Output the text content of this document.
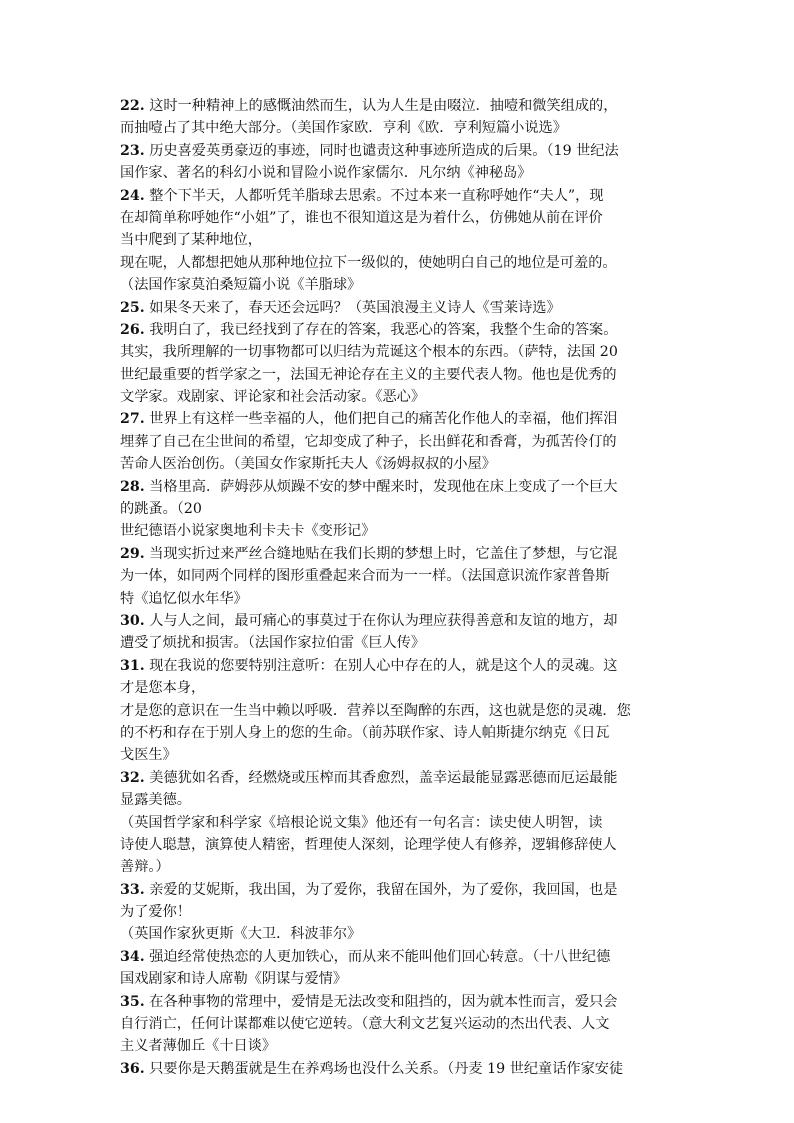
22. 这时一种精神上的感慨油然而生，认为人生是由啜泣．抽噎和微笑组成的，
而抽噎占了其中绝大部分。（美国作家欧．亨利《欧．亨利短篇小说选》
23. 历史喜爱英勇豪迈的事迹，同时也谴责这种事迹所造成的后果。（19 世纪法
国作家、著名的科幻小说和冒险小说作家儒尔．凡尔纳《神秘岛》
24. 整个下半天，人都听凭羊脂球去思索。不过本来一直称呼她作“夫人”，现
在却简单称呼她作“小姐”了，谁也不很知道这是为着什么，仿佛她从前在评价
当中爬到了某种地位，
现在呢，人都想把她从那种地位拉下一级似的，使她明白自己的地位是可羞的。
（法国作家莫泊桑短篇小说《羊脂球》
25. 如果冬天来了，春天还会远吗？（英国浪漫主义诗人《雪莱诗选》
26. 我明白了，我已经找到了存在的答案，我恶心的答案，我整个生命的答案。
其实，我所理解的一切事物都可以归结为荒诞这个根本的东西。（萨特，法国 20
世纪最重要的哲学家之一，法国无神论存在主义的主要代表人物。他也是优秀的
文学家。戏剧家、评论家和社会活动家。《恶心》
27. 世界上有这样一些幸福的人，他们把自己的痛苦化作他人的幸福，他们挥泪
埋葬了自己在尘世间的希望，它却变成了种子，长出鲜花和香膏，为孤苦伶仃的
苦命人医治创伤。（美国女作家斯托夫人《汤姆叔叔的小屋》
28. 当格里高．萨姆莎从烦躁不安的梦中醒来时，发现他在床上变成了一个巨大
的跳蚤。（20
世纪德语小说家奥地利卡夫卡《变形记》
29. 当现实折过来严丝合缝地贴在我们长期的梦想上时，它盖住了梦想，与它混
为一体，如同两个同样的图形重叠起来合而为一一样。（法国意识流作家普鲁斯
特《追忆似水年华》
30. 人与人之间，最可痛心的事莫过于在你认为理应获得善意和友谊的地方，却
遭受了烦扰和损害。（法国作家拉伯雷《巨人传》
31. 现在我说的您要特别注意听：在别人心中存在的人，就是这个人的灵魂。这
才是您本身，
才是您的意识在一生当中赖以呼吸．营养以至陶醉的东西，这也就是您的灵魂．您
的不朽和存在于别人身上的您的生命。（前苏联作家、诗人帕斯捷尔纳克《日瓦
戈医生》
32. 美德犹如名香，经燃烧或压榨而其香愈烈，盖幸运最能显露恶德而厄运最能
显露美德。
（英国哲学家和科学家《培根论说文集》他还有一句名言：读史使人明智，读
诗使人聪慧，演算使人精密，哲理使人深刻，论理学使人有修养，逻辑修辞使人
善辩。）
33. 亲爱的艾妮斯，我出国，为了爱你，我留在国外，为了爱你，我回国，也是
为了爱你！
（英国作家狄更斯《大卫．科波菲尔》
34. 强迫经常使热恋的人更加铁心，而从来不能叫他们回心转意。（十八世纪德
国戏剧家和诗人席勒《阴谋与爱情》
35. 在各种事物的常理中，爱情是无法改变和阻挡的，因为就本性而言，爱只会
自行消亡，任何计谋都难以使它逆转。（意大利文艺复兴运动的杰出代表、人文
主义者薄伽丘《十日谈》
36. 只要你是天鹅蛋就是生在养鸡场也没什么关系。（丹麦 19 世纪童话作家安徒
